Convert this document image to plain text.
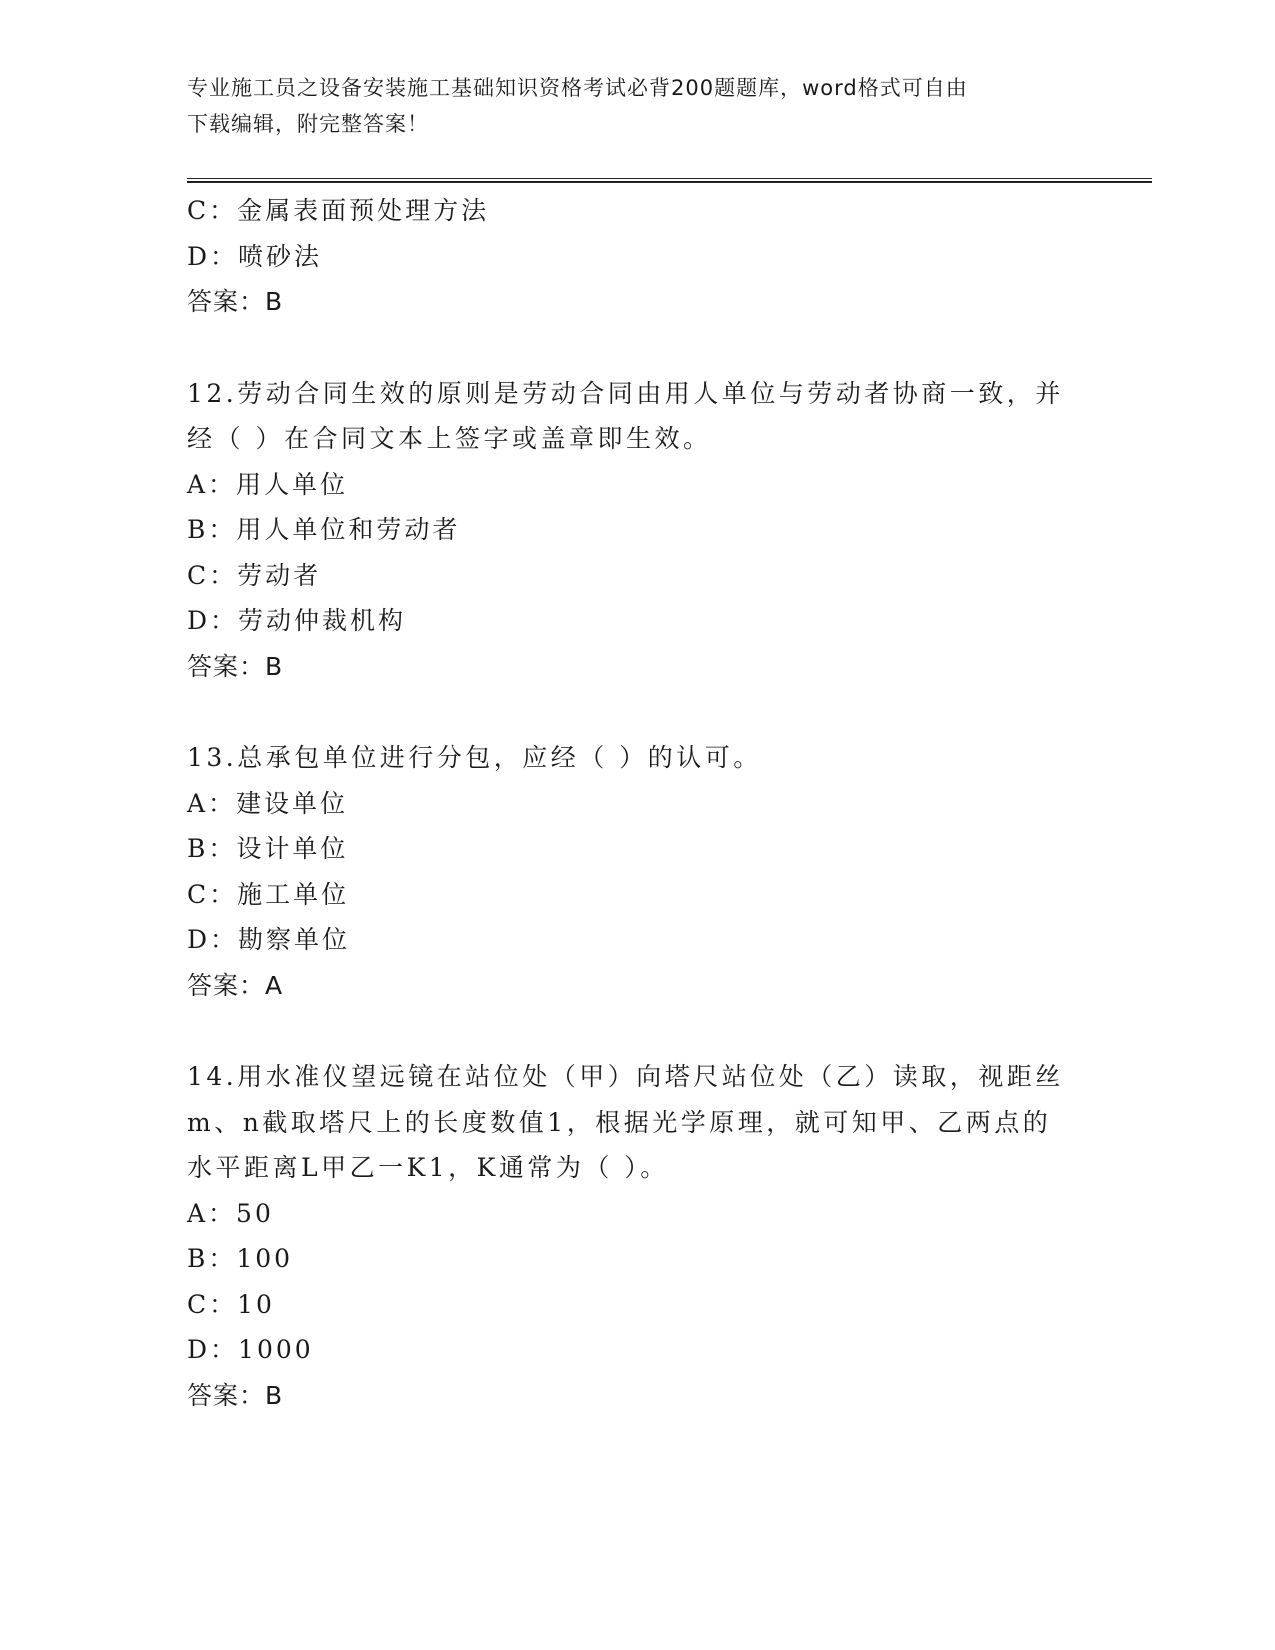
专业施工员之设备安装施工基础知识资格考试必背200题题库，word格式可自由
下载编辑，附完整答案！
C：金属表面预处理方法
D：喷砂法
答案：B
12.劳动合同生效的原则是劳动合同由用人单位与劳动者协商一致，并
经（ ）在合同文本上签字或盖章即生效。
A：用人单位
B：用人单位和劳动者
C：劳动者
D：劳动仲裁机构
答案：B
13.总承包单位进行分包，应经（ ）的认可。
A：建设单位
B：设计单位
C：施工单位
D：勘察单位
答案：A
14.用水准仪望远镜在站位处（甲）向塔尺站位处（乙）读取，视距丝
m、n截取塔尺上的长度数值1，根据光学原理，就可知甲、乙两点的
水平距离L甲乙一K1，K通常为（ ）。
A：50
B：100
C：10
D：1000
答案：B
